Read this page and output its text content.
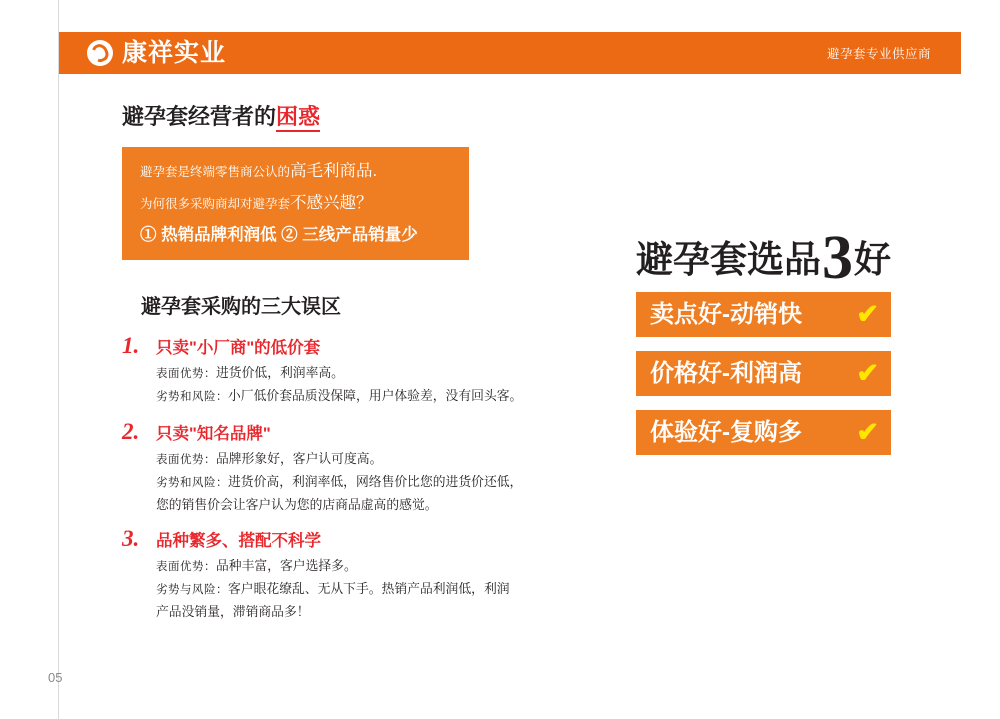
康祥实业	避孕套专业供应商
避孕套经营者的困惑
避孕套是终端零售商公认的高毛利商品.
为何很多采购商却对避孕套不感兴趣？
① 热销品牌利润低 ② 三线产品销量少
避孕套采购的三大误区
1.	只卖"小厂商"的低价套
表面优势：进货价低，利润率高。
劣势和风险：小厂低价套品质没保障，用户体验差，没有回头客。
2.	只卖"知名品牌"
表面优势：品牌形象好，客户认可度高。
劣势和风险：进货价高，利润率低，网络售价比您的进货价还低，
您的销售价会让客户认为您的店商品虚高的感觉。
3.	品种繁多、搭配不科学
表面优势：品种丰富，客户选择多。
劣势与风险：客户眼花缭乱、无从下手。热销产品利润低，利润
产品没销量，滞销商品多！
避孕套选品 3 好
卖点好-动销快 ✔
价格好-利润高 ✔
体验好-复购多 ✔
05
